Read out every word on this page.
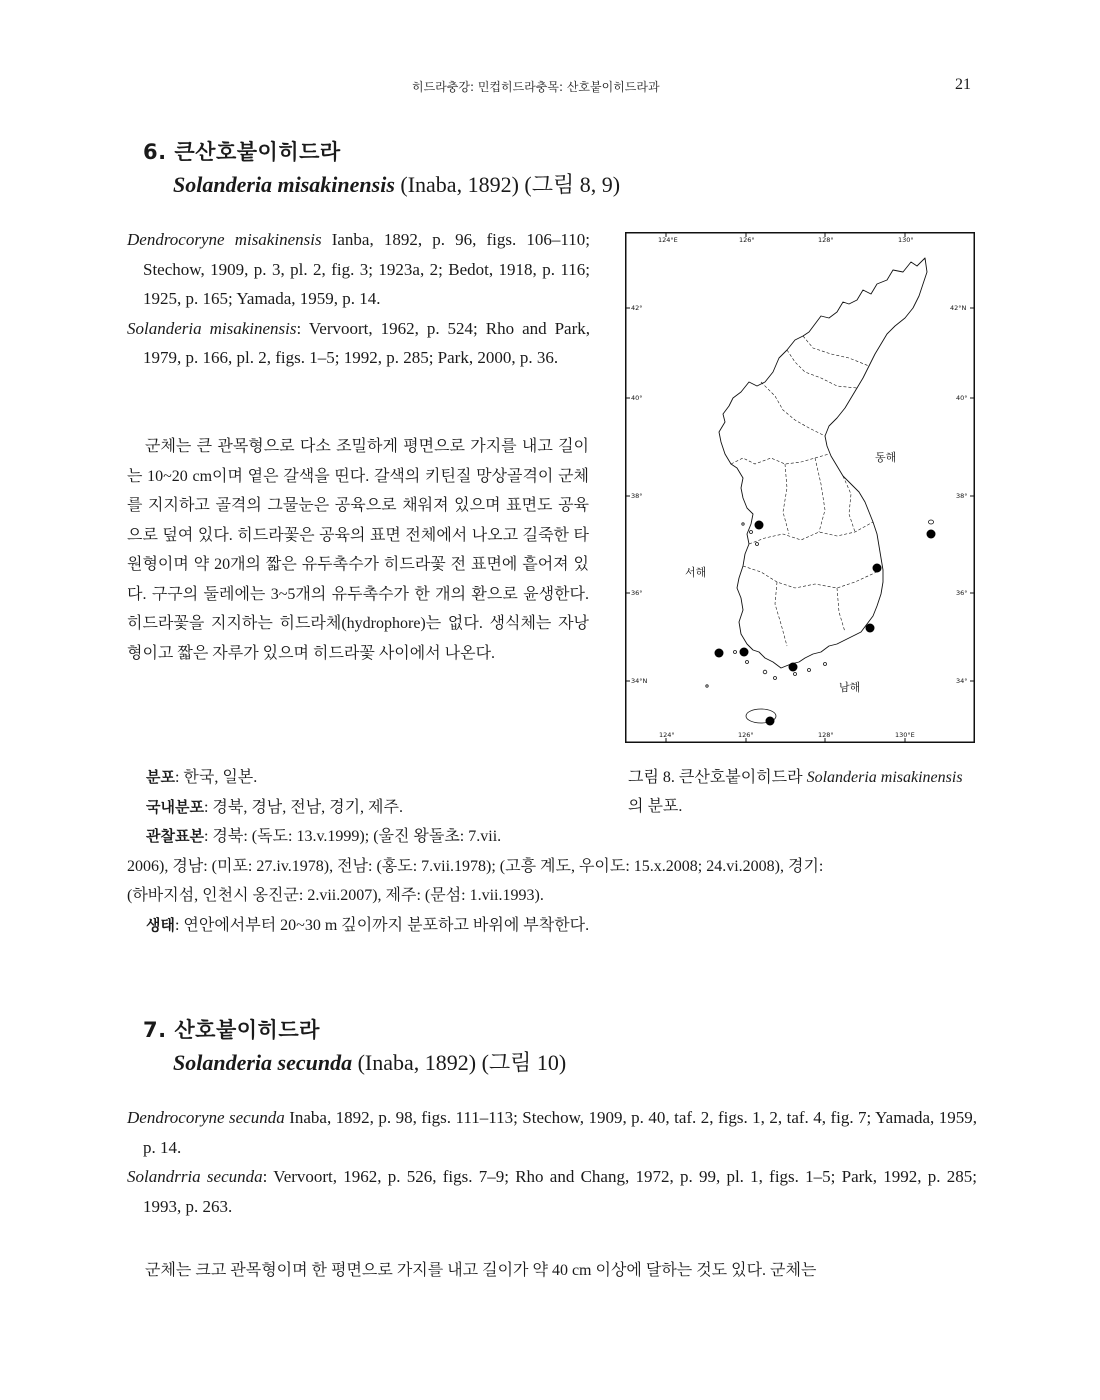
히드라충강: 민컵히드라충목: 산호붙이히드라과	21
6. 큰산호붙이히드라
Solanderia misakinensis (Inaba, 1892) (그림 8, 9)

Dendrocoryne misakinensis Ianba, 1892, p. 96, figs. 106–110; Stechow, 1909, p. 3, pl. 2, fig. 3; 1923a, 2; Bedot, 1918, p. 116; 1925, p. 165; Yamada, 1959, p. 14.

Solanderia misakinensis: Vervoort, 1962, p. 524; Rho and Park, 1979, p. 166, pl. 2, figs. 1–5; 1992, p. 285; Park, 2000, p. 36.

군체는 큰 관목형으로 다소 조밀하게 평면으로 가지를 내고 길이는 10~20 cm이며 옅은 갈색을 띤다. 갈색의 키틴질 망상골격이 군체를 지지하고 골격의 그물눈은 공육으로 채워져 있으며 표면도 공육으로 덮여 있다. 히드라꽃은 공육의 표면 전체에서 나오고 길죽한 타원형이며 약 20개의 짧은 유두촉수가 히드라꽃 전 표면에 흩어져 있다. 구구의 둘레에는 3~5개의 유두촉수가 한 개의 환으로 윤생한다. 히드라꽃을 지지하는 히드라체(hydrophore)는 없다. 생식체는 자낭형이고 짧은 자루가 있으며 히드라꽃 사이에서 나온다.

124°E	126°	128°	130°
124°	126°	128°	130°E
42°
40°
38°
36°
34°N
42°N
40°
38°
36°
34°
동해
서해
남해
그림 8. 큰산호붙이히드라 Solanderia misakinensis의 분포.

분포: 한국, 일본.

국내분포: 경북, 경남, 전남, 경기, 제주.

관찰표본: 경북: (독도: 13.v.1999); (울진 왕돌초: 7.vii.

2006), 경남: (미포: 27.iv.1978), 전남: (홍도: 7.vii.1978); (고흥 계도, 우이도: 15.x.2008; 24.vi.2008), 경기:

(하바지섬, 인천시 옹진군: 2.vii.2007), 제주: (문섬: 1.vii.1993).

생태: 연안에서부터 20~30 m 깊이까지 분포하고 바위에 부착한다.

7. 산호붙이히드라
Solanderia secunda (Inaba, 1892) (그림 10)

Dendrocoryne secunda Inaba, 1892, p. 98, figs. 111–113; Stechow, 1909, p. 40, taf. 2, figs. 1, 2, taf. 4, fig. 7; Yamada, 1959, p. 14.

Solandrria secunda: Vervoort, 1962, p. 526, figs. 7–9; Rho and Chang, 1972, p. 99, pl. 1, figs. 1–5; Park, 1992, p. 285; 1993, p. 263.

군체는 크고 관목형이며 한 평면으로 가지를 내고 길이가 약 40 cm 이상에 달하는 것도 있다. 군체는
